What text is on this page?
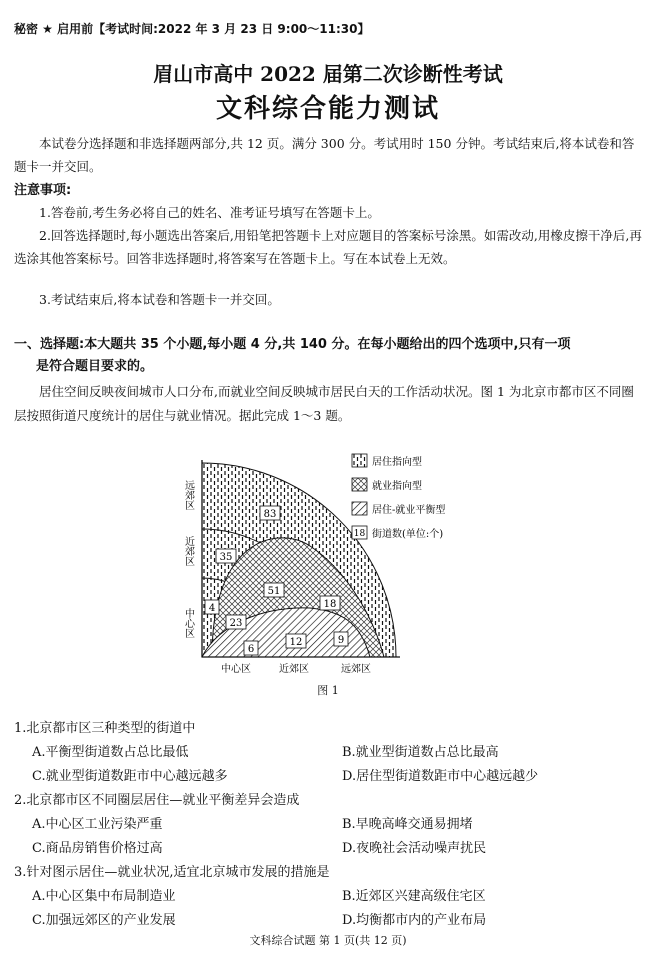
秘密 ★ 启用前【考试时间:2022 年 3 月 23 日 9:00～11:30】
眉山市高中 2022 届第二次诊断性考试
文科综合能力测试
本试卷分选择题和非选择题两部分,共 12 页。满分 300 分。考试用时 150 分钟。考试结束后,将本试卷和答题卡一并交回。
注意事项:
1.答卷前,考生务必将自己的姓名、准考证号填写在答题卡上。
2.回答选择题时,每小题选出答案后,用铅笔把答题卡上对应题目的答案标号涂黑。如需改动,用橡皮擦干净后,再选涂其他答案标号。回答非选择题时,将答案写在答题卡上。写在本试卷上无效。
3.考试结束后,将本试卷和答题卡一并交回。
一、选择题:本大题共 35 个小题,每小题 4 分,共 140 分。在每小题给出的四个选项中,只有一项
是符合题目要求的。
居住空间反映夜间城市人口分布,而就业空间反映城市居民白天的工作活动状况。图 1 为北京市都市区不同圈层按照街道尺度统计的居住与就业情况。据此完成 1～3 题。
83
35
4
23
51
18
6
12	9
中心区	近郊区	远郊区
远郊区
近郊区
中心区
居住指向型
就业指向型
居住-就业平衡型
18 街道数(单位:个)
图 1
1.北京都市区三种类型的街道中
A.平衡型街道数占总比最低	B.就业型街道数占总比最高
C.就业型街道数距市中心越远越多	D.居住型街道数距市中心越远越少
2.北京都市区不同圈层居住—就业平衡差异会造成
A.中心区工业污染严重	B.早晚高峰交通易拥堵
C.商品房销售价格过高	D.夜晚社会活动噪声扰民
3.针对图示居住—就业状况,适宜北京城市发展的措施是
A.中心区集中布局制造业	B.近郊区兴建高级住宅区
C.加强远郊区的产业发展	D.均衡都市内的产业布局
文科综合试题 第 1 页(共 12 页)
